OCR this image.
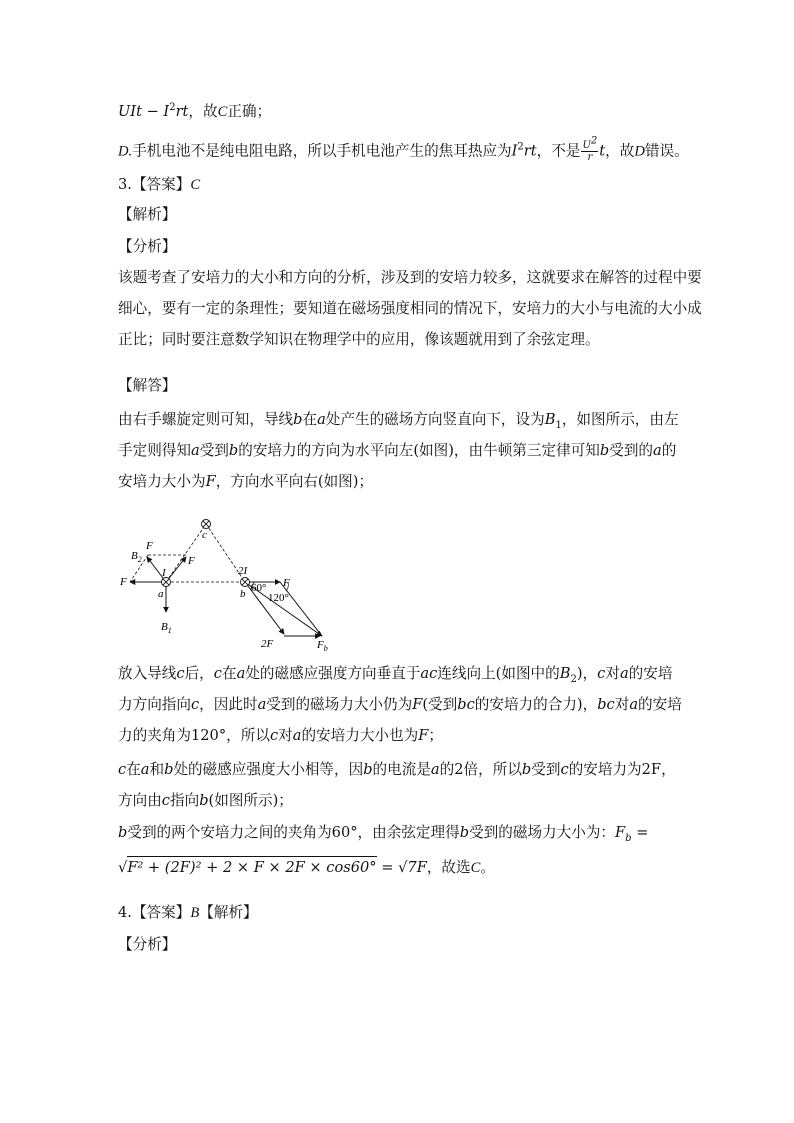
UIt − $I^2rt$，故C正确；
D.手机电池不是纯电阻电路，所以手机电池产生的焦耳热应为$I^2rt$，不是 $\frac{U^2}{r}$ t，故D错误。
3.【答案】C
【解析】
【分析】
该题考查了安培力的大小和方向的分析，涉及到的安培力较多，这就要求在解答的过程中要
细心，要有一定的条理性；要知道在磁场强度相同的情况下，安培力的大小与电流的大小成
正比；同时要注意数学知识在物理学中的应用，像该题就用到了余弦定理。
【解答】
由右手螺旋定则可知，导线b在a处产生的磁场方向竖直向下，设为$B_1$，如图所示，由左
手定则得知a受到b的安培力的方向为水平向左(如图)，由牛顿第三定律可知b受到的a的
安培力大小为F，方向水平向右(如图)；
c
$B_2$
F
F
I
F
a
$B_1$
2I
F
b 60°
120°
2F	$F_b$
放入导线c后，c在a处的磁感应强度方向垂直于ac连线向上(如图中的$B_2$)，c对a的安培
力方向指向c，因此时a受到的磁场力大小仍为F(受到bc的安培力的合力)，bc对a的安培
力的夹角为120°，所以c对a的安培力大小也为F；
c在a和b处的磁感应强度大小相等，因b的电流是a的2倍，所以b受到c的安培力为2F，
方向由c指向b(如图所示)；
b受到的两个安培力之间的夹角为60°，由余弦定理得b受到的磁场力大小为：$F_b$ =
√F² + (2F)² + 2 × F × 2F × cos60° = √7F，故选C。
4.【答案】B【解析】
【分析】
